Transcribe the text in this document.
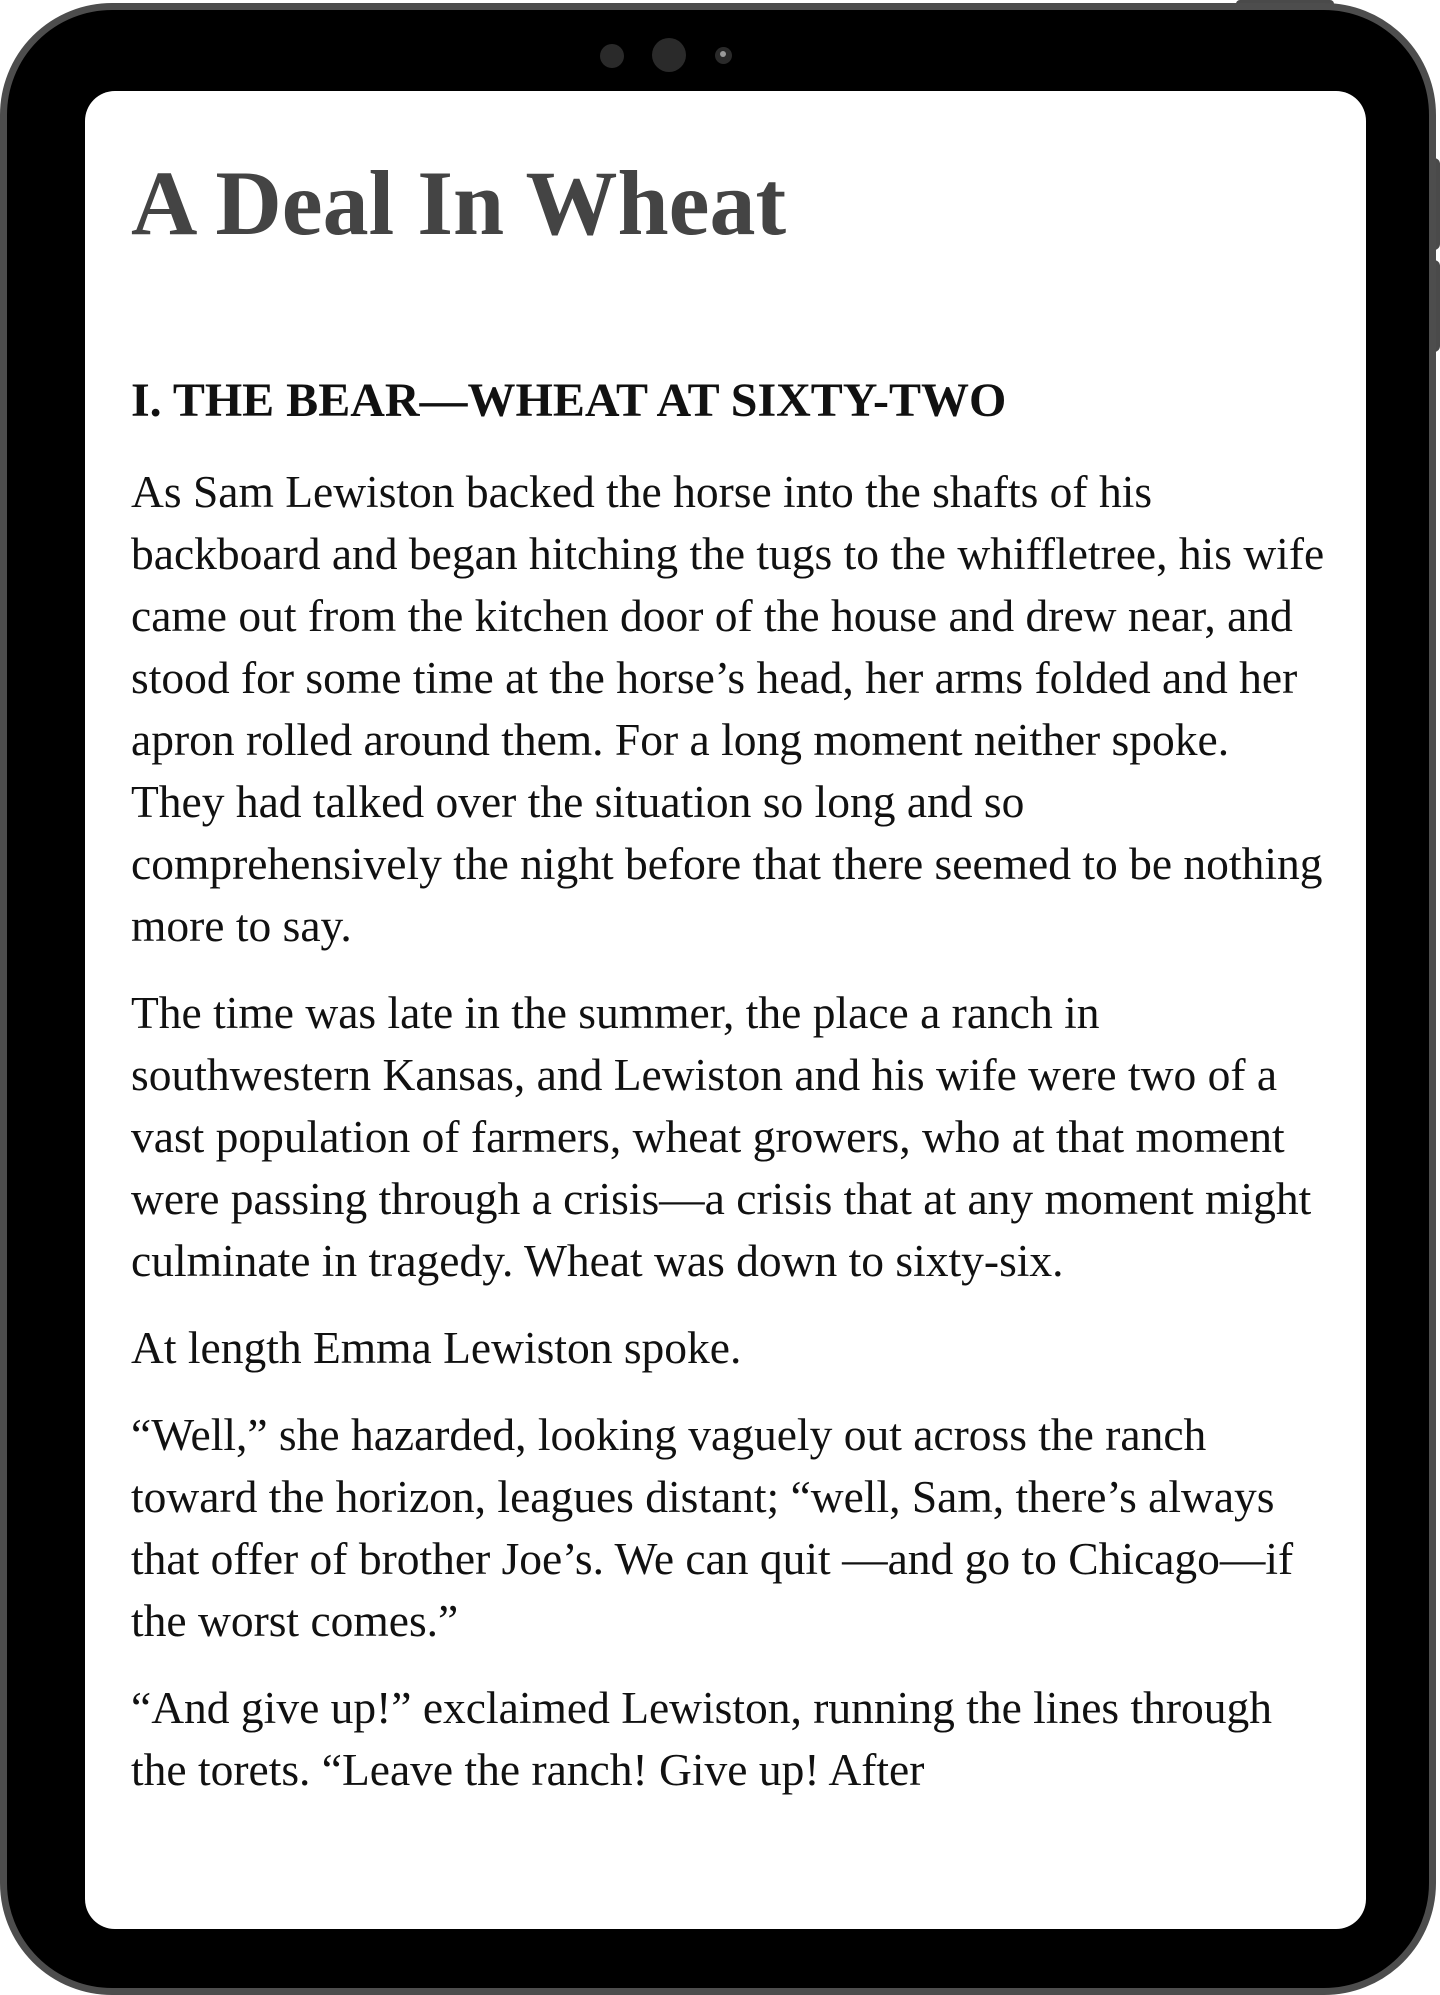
A Deal In Wheat
I. THE BEAR—WHEAT AT SIXTY-TWO

As Sam Lewiston backed the horse into the shafts of his backboard and began hitching the tugs to the whiffletree, his wife came out from the kitchen door of the house and drew near, and stood for some time at the horse’s head, her arms folded and her apron rolled around them. For a long moment neither spoke. They had talked over the situation so long and so comprehensively the night before that there seemed to be nothing more to say.

The time was late in the summer, the place a ranch in southwestern Kansas, and Lewiston and his wife were two of a vast population of farmers, wheat growers, who at that moment were passing through a crisis—a crisis that at any moment might culminate in tragedy. Wheat was down to sixty-six.

At length Emma Lewiston spoke.

“Well,” she hazarded, looking vaguely out across the ranch toward the horizon, leagues distant; “well, Sam, there’s always that offer of brother Joe’s. We can quit —and go to Chicago—if the worst comes.”

“And give up!” exclaimed Lewiston, running the lines through the torets. “Leave the ranch! Give up! After
